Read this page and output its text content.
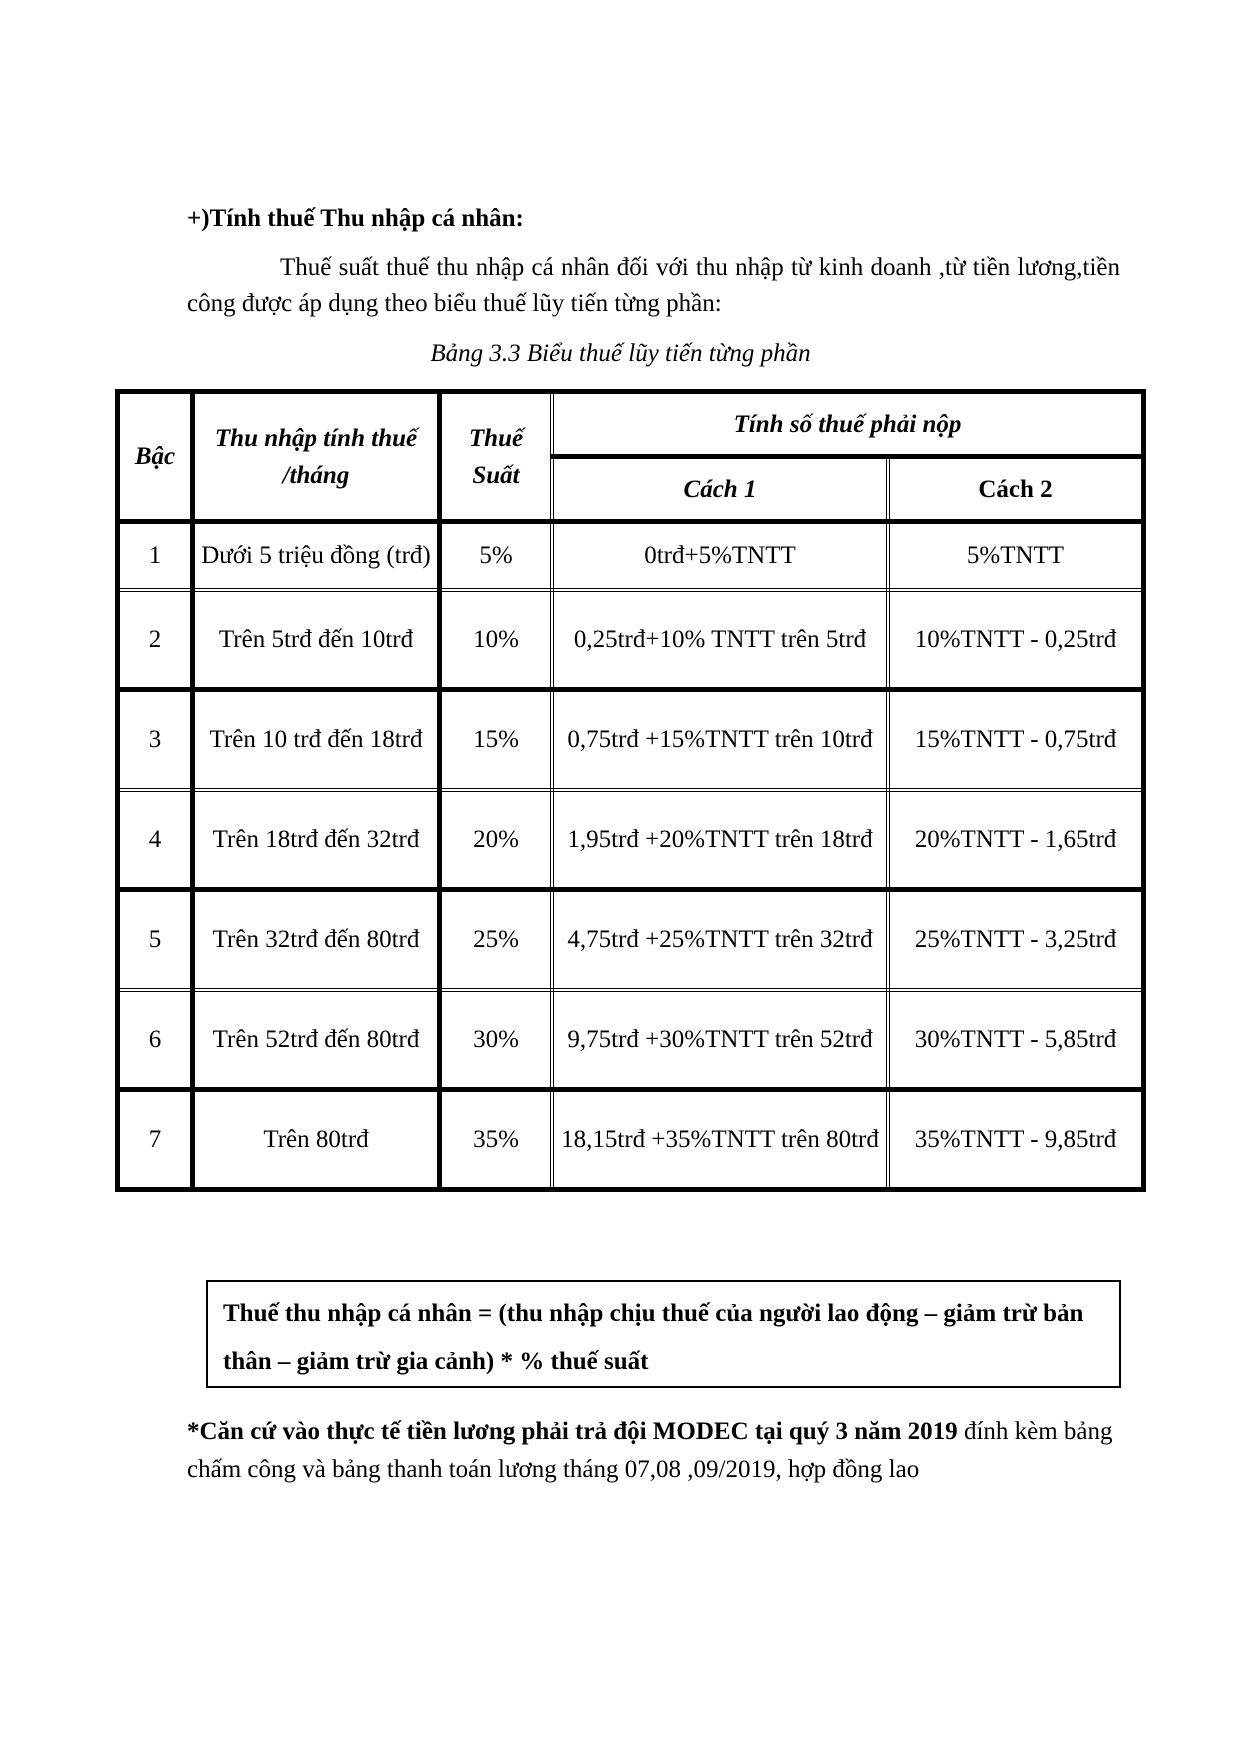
+)Tính thuế Thu nhập cá nhân:
Thuế suất thuế thu nhập cá nhân đối với thu nhập từ kinh doanh ,từ tiền lương,tiền công được áp dụng theo biểu thuế lũy tiến từng phần:
Bảng 3.3 Biểu thuế lũy tiến từng phần
Bậc	Thu nhập tính thuế /tháng	Thuế Suất	Tính số thuế phải nộp	
			Cách 1	Cách 2
1	Dưới 5 triệu đồng (trđ)	5%	0trđ+5%TNTT	5%TNTT
2	Trên 5trđ đến 10trđ	10%	0,25trđ+10% TNTT trên 5trđ	10%TNTT - 0,25trđ
3	Trên 10 trđ đến 18trđ	15%	0,75trđ +15%TNTT trên 10trđ	15%TNTT - 0,75trđ
4	Trên 18trđ đến 32trđ	20%	1,95trđ +20%TNTT trên 18trđ	20%TNTT - 1,65trđ
5	Trên 32trđ đến 80trđ	25%	4,75trđ +25%TNTT trên 32trđ	25%TNTT - 3,25trđ
6	Trên 52trđ đến 80trđ	30%	9,75trđ +30%TNTT trên 52trđ	30%TNTT - 5,85trđ
7	Trên 80trđ	35%	18,15trđ +35%TNTT trên 80trđ	35%TNTT - 9,85trđ
Thuế thu nhập cá nhân = (thu nhập chịu thuế của người lao động – giảm trừ bản thân – giảm trừ gia cảnh) * % thuế suất
*Căn cứ vào thực tế tiền lương phải trả đội MODEC tại quý 3 năm 2019 đính kèm bảng chấm công và bảng thanh toán lương tháng 07,08 ,09/2019, hợp đồng lao
